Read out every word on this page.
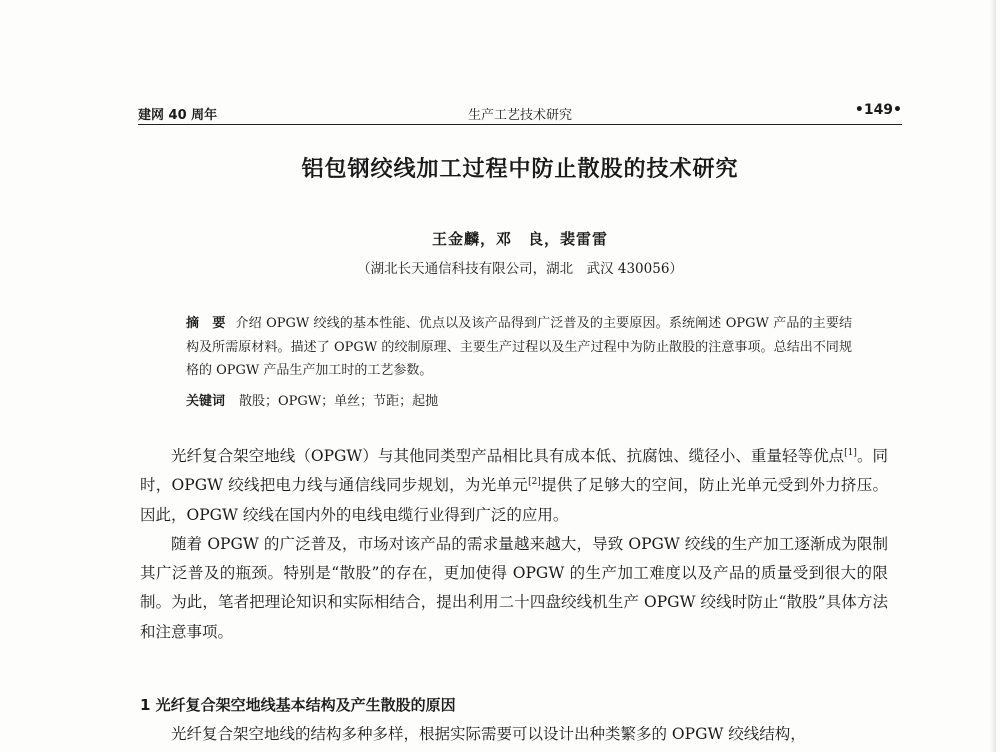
建网 40 周年	生产工艺技术研究	•149•
铝包钢绞线加工过程中防止散股的技术研究
王金麟，邓　良，裴雷雷
（湖北长天通信科技有限公司，湖北　武汉 430056）
摘　要 介绍 OPGW 绞线的基本性能、优点以及该产品得到广泛普及的主要原因。系统阐述 OPGW 产品的主要结构及所需原材料。描述了 OPGW 的绞制原理、主要生产过程以及生产过程中为防止散股的注意事项。总结出不同规格的 OPGW 产品生产加工时的工艺参数。
关键词 散股；OPGW；单丝；节距；起抛

光纤复合架空地线（OPGW）与其他同类型产品相比具有成本低、抗腐蚀、缆径小、重量轻等优点[1]。同时，OPGW 绞线把电力线与通信线同步规划，为光单元[2]提供了足够大的空间，防止光单元受到外力挤压。因此，OPGW 绞线在国内外的电线电缆行业得到广泛的应用。

随着 OPGW 的广泛普及，市场对该产品的需求量越来越大，导致 OPGW 绞线的生产加工逐渐成为限制其广泛普及的瓶颈。特别是“散股”的存在，更加使得 OPGW 的生产加工难度以及产品的质量受到很大的限制。为此，笔者把理论知识和实际相结合，提出利用二十四盘绞线机生产 OPGW 绞线时防止“散股”具体方法和注意事项。

1 光纤复合架空地线基本结构及产生散股的原因
光纤复合架空地线的结构多种多样，根据实际需要可以设计出种类繁多的 OPGW 绞线结构，
